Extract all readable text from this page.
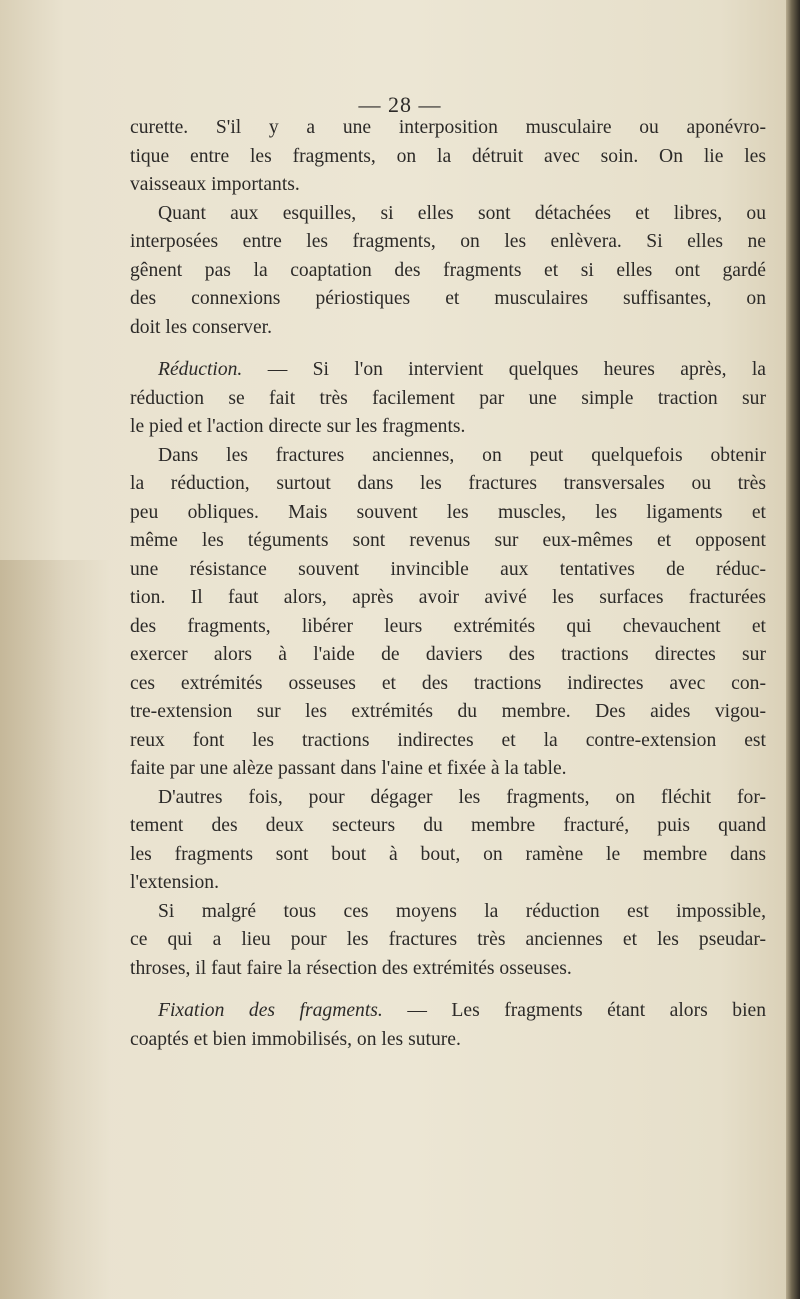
— 28 —
curette. S'il y a une interposition musculaire ou aponévro-
tique entre les fragments, on la détruit avec soin. On lie les
vaisseaux importants.
Quant aux esquilles, si elles sont détachées et libres, ou
interposées entre les fragments, on les enlèvera. Si elles ne
gênent pas la coaptation des fragments et si elles ont gardé
des connexions périostiques et musculaires suffisantes, on
doit les conserver.
Réduction. — Si l'on intervient quelques heures après, la
réduction se fait très facilement par une simple traction sur
le pied et l'action directe sur les fragments.
Dans les fractures anciennes, on peut quelquefois obtenir
la réduction, surtout dans les fractures transversales ou très
peu obliques. Mais souvent les muscles, les ligaments et
même les téguments sont revenus sur eux-mêmes et opposent
une résistance souvent invincible aux tentatives de réduc-
tion. Il faut alors, après avoir avivé les surfaces fracturées
des fragments, libérer leurs extrémités qui chevauchent et
exercer alors à l'aide de daviers des tractions directes sur
ces extrémités osseuses et des tractions indirectes avec con-
tre-extension sur les extrémités du membre. Des aides vigou-
reux font les tractions indirectes et la contre-extension est
faite par une alèze passant dans l'aine et fixée à la table.
D'autres fois, pour dégager les fragments, on fléchit for-
tement des deux secteurs du membre fracturé, puis quand
les fragments sont bout à bout, on ramène le membre dans
l'extension.
Si malgré tous ces moyens la réduction est impossible,
ce qui a lieu pour les fractures très anciennes et les pseudar-
throses, il faut faire la résection des extrémités osseuses.
Fixation des fragments. — Les fragments étant alors bien
coaptés et bien immobilisés, on les suture.
